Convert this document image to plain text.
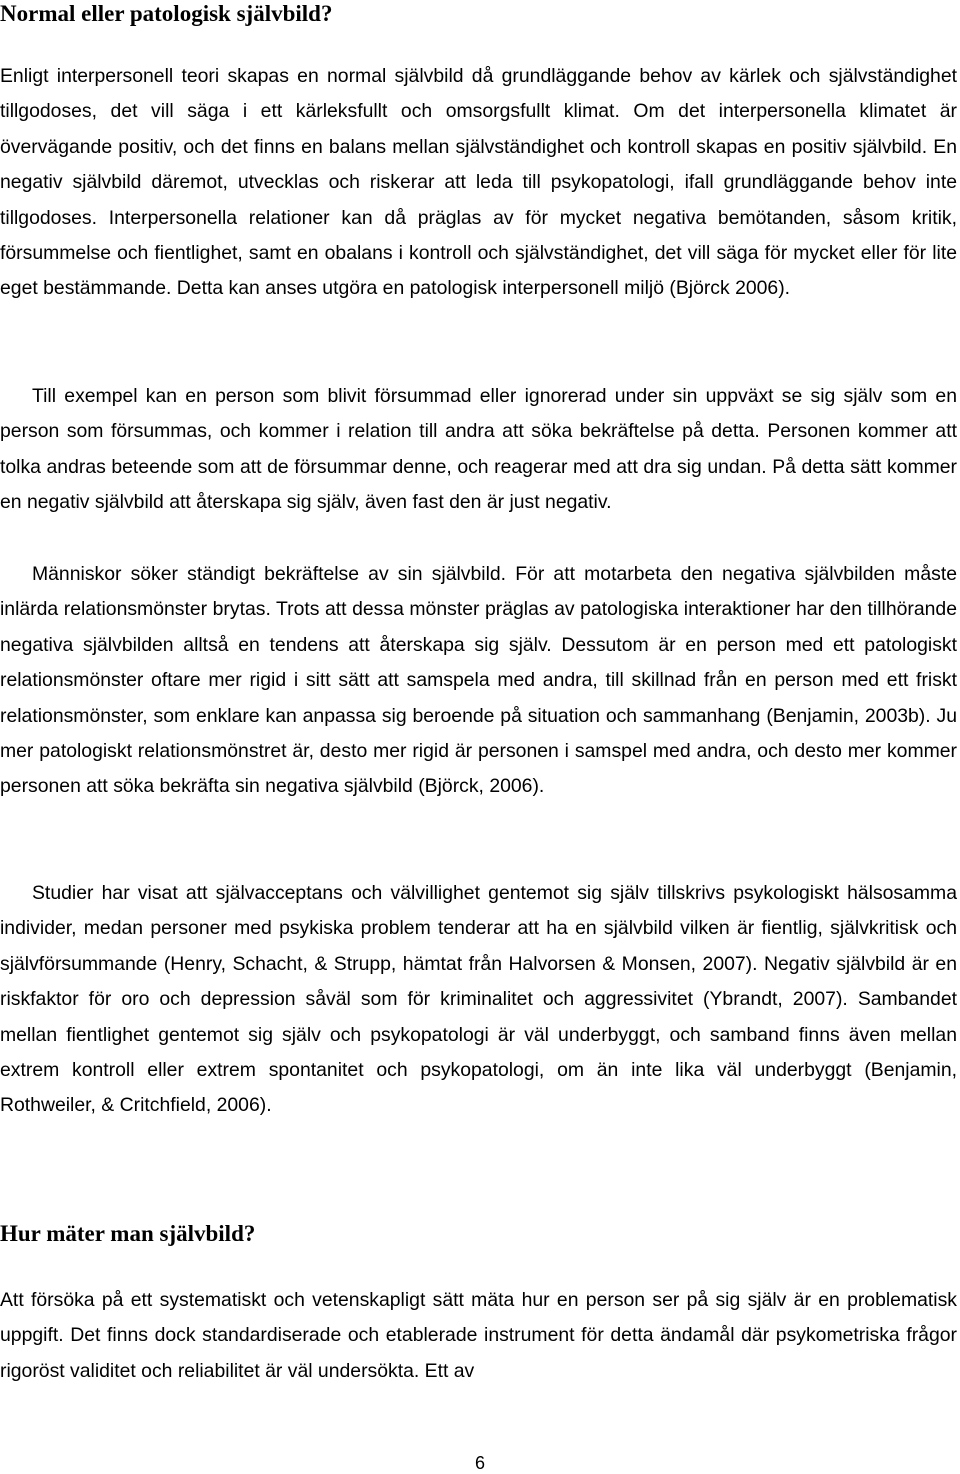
Normal eller patologisk självbild?

Enligt interpersonell teori skapas en normal självbild då grundläggande behov av kärlek och självständighet tillgodoses, det vill säga i ett kärleksfullt och omsorgsfullt klimat. Om det interpersonella klimatet är övervägande positiv, och det finns en balans mellan självständighet och kontroll skapas en positiv självbild. En negativ självbild däremot, utvecklas och riskerar att leda till psykopatologi, ifall grundläggande behov inte tillgodoses. Interpersonella relationer kan då präglas av för mycket negativa bemötanden, såsom kritik, försummelse och fientlighet, samt en obalans i kontroll och självständighet, det vill säga för mycket eller för lite eget bestämmande. Detta kan anses utgöra en patologisk interpersonell miljö (Björck 2006).

Till exempel kan en person som blivit försummad eller ignorerad under sin uppväxt se sig själv som en person som försummas, och kommer i relation till andra att söka bekräftelse på detta. Personen kommer att tolka andras beteende som att de försummar denne, och reagerar med att dra sig undan. På detta sätt kommer en negativ självbild att återskapa sig själv, även fast den är just negativ.

Människor söker ständigt bekräftelse av sin självbild. För att motarbeta den negativa självbilden måste inlärda relationsmönster brytas. Trots att dessa mönster präglas av patologiska interaktioner har den tillhörande negativa självbilden alltså en tendens att återskapa sig själv. Dessutom är en person med ett patologiskt relationsmönster oftare mer rigid i sitt sätt att samspela med andra, till skillnad från en person med ett friskt relationsmönster, som enklare kan anpassa sig beroende på situation och sammanhang (Benjamin, 2003b). Ju mer patologiskt relationsmönstret är, desto mer rigid är personen i samspel med andra, och desto mer kommer personen att söka bekräfta sin negativa självbild (Björck, 2006).

Studier har visat att självacceptans och välvillighet gentemot sig själv tillskrivs psykologiskt hälsosamma individer, medan personer med psykiska problem tenderar att ha en självbild vilken är fientlig, självkritisk och självförsummande (Henry, Schacht, & Strupp, hämtat från Halvorsen & Monsen, 2007). Negativ självbild är en riskfaktor för oro och depression såväl som för kriminalitet och aggressivitet (Ybrandt, 2007). Sambandet mellan fientlighet gentemot sig själv och psykopatologi är väl underbyggt, och samband finns även mellan extrem kontroll eller extrem spontanitet och psykopatologi, om än inte lika väl underbyggt (Benjamin, Rothweiler, & Critchfield, 2006).

Hur mäter man självbild?

Att försöka på ett systematiskt och vetenskapligt sätt mäta hur en person ser på sig själv är en problematisk uppgift. Det finns dock standardiserade och etablerade instrument för detta ändamål där psykometriska frågor rigoröst validitet och reliabilitet är väl undersökta. Ett av

6
